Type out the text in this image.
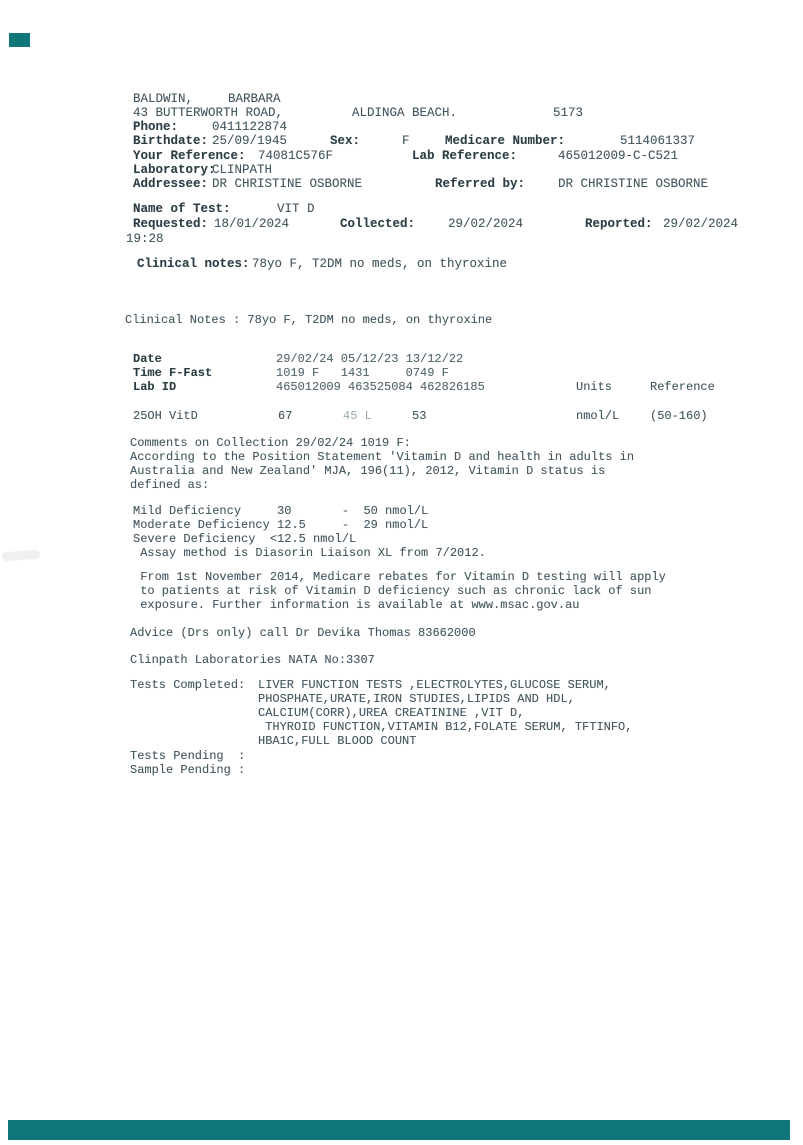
BALDWIN,	BARBARA
43 BUTTERWORTH ROAD,	ALDINGA BEACH.	5173
Phone:	0411122874
Birthdate: 25/09/1945	Sex:	F	Medicare Number:	5114061337
Your Reference: 74081C576F	Lab Reference:	465012009-C-C521
Laboratory:
CLINPATH
Addressee: DR CHRISTINE OSBORNE	Referred by:	DR CHRISTINE OSBORNE
Name of Test:	VIT D
Requested: 18/01/2024	Collected:	29/02/2024	Reported: 29/02/2024
19:28
Clinical notes: 78yo F, T2DM no meds, on thyroxine
Clinical Notes : 78yo F, T2DM no meds, on thyroxine
Date	29/02/24 05/12/23 13/12/22
Time F-Fast	1019 F   1431     0749 F
Lab ID	465012009 463525084 462826185	Units	Reference
25OH VitD	67	45 L	53	nmol/L	(50-160)
Comments on Collection 29/02/24 1019 F:
According to the Position Statement 'Vitamin D and health in adults in
Australia and New Zealand' MJA, 196(11), 2012, Vitamin D status is
defined as:
Mild Deficiency     30       -  50 nmol/L
Moderate Deficiency 12.5     -  29 nmol/L
Severe Deficiency  <12.5 nmol/L
Assay method is Diasorin Liaison XL from 7/2012.
From 1st November 2014, Medicare rebates for Vitamin D testing will apply
to patients at risk of Vitamin D deficiency such as chronic lack of sun
exposure. Further information is available at www.msac.gov.au
Advice (Drs only) call Dr Devika Thomas 83662000
Clinpath Laboratories NATA No:3307
Tests Completed: LIVER FUNCTION TESTS ,ELECTROLYTES,GLUCOSE SERUM,
PHOSPHATE,URATE,IRON STUDIES,LIPIDS AND HDL,
CALCIUM(CORR),UREA CREATININE ,VIT D,
THYROID FUNCTION,VITAMIN B12,FOLATE SERUM, TFTINFO,
HBA1C,FULL BLOOD COUNT
Tests Pending  :
Sample Pending :
